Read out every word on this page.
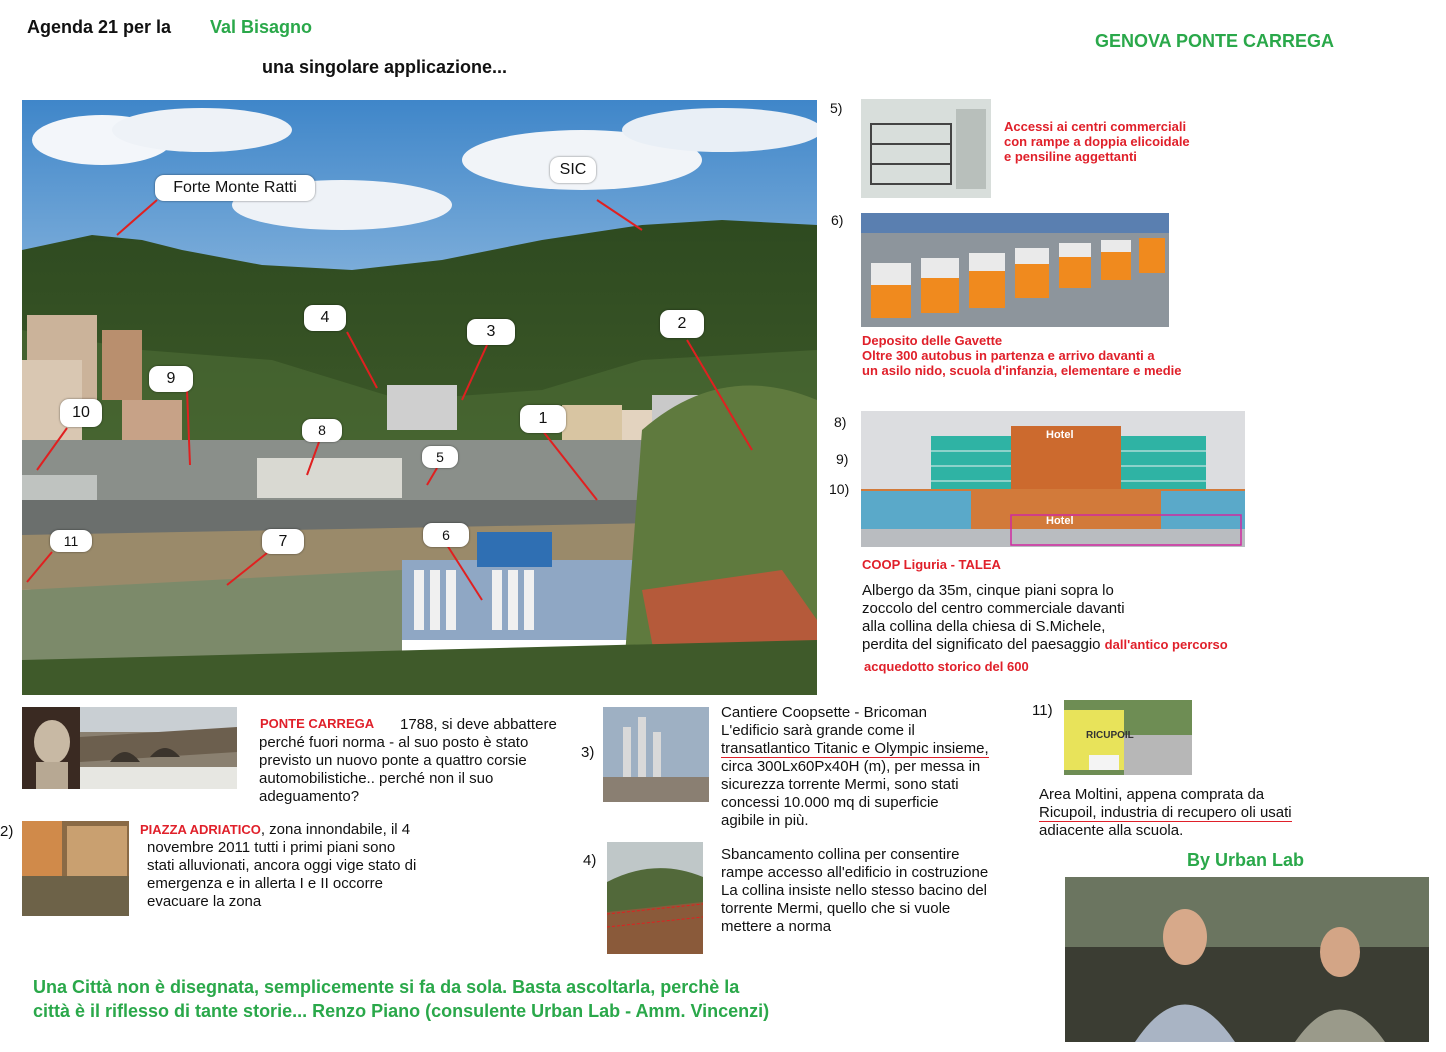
Agenda 21 per la Val Bisagno
una singolare applicazione...
GENOVA PONTE CARREGA
Forte Monte Ratti
SIC
4
3	2
9
10	1
8
5
6
7
11
5)
Accessi ai centri commerciali
con rampe a doppia elicoidale
e pensiline aggettanti
6)
Deposito delle Gavette
Oltre 300 autobus in partenza e arrivo davanti a
un asilo nido, scuola d'infanzia, elementare e medie
8)
9)
10)
Hotel
Hotel
COOP Liguria - TALEA
Albergo da 35m, cinque piani sopra lo
zoccolo del centro commerciale davanti
alla collina della chiesa di S.Michele,
perdita del significato del paesaggio dall'antico percorso
acquedotto storico del 600
PONTE CARREGA 1788, si deve abbattere
perché fuori norma - al suo posto è stato
previsto un nuovo ponte a quattro corsie
automobilistiche.. perché non il suo
adeguamento?
2)	PIAZZA ADRIATICO, zona innondabile, il 4
novembre 2011 tutti i primi piani sono
stati alluvionati, ancora oggi vige stato di
emergenza e in allerta I e II occorre
evacuare la zona
3)
Cantiere Coopsette - Bricoman
L'edificio sarà grande come il
transatlantico Titanic e Olympic insieme,
circa 300Lx60Px40H (m), per messa in
sicurezza torrente Mermi, sono stati
concessi 10.000 mq di superficie
agibile in più.
4)	Sbancamento collina per consentire
rampe accesso all'edificio in costruzione
La collina insiste nello stesso bacino del
torrente Mermi, quello che si vuole
mettere a norma
11)
RICUPOIL
Area Moltini, appena comprata da
Ricupoil, industria di recupero oli usati
adiacente alla scuola.
By Urban Lab
Una Città non è disegnata, semplicemente si fa da sola. Basta ascoltarla, perchè la
città è il riflesso di tante storie... Renzo Piano (consulente Urban Lab - Amm. Vincenzi)
